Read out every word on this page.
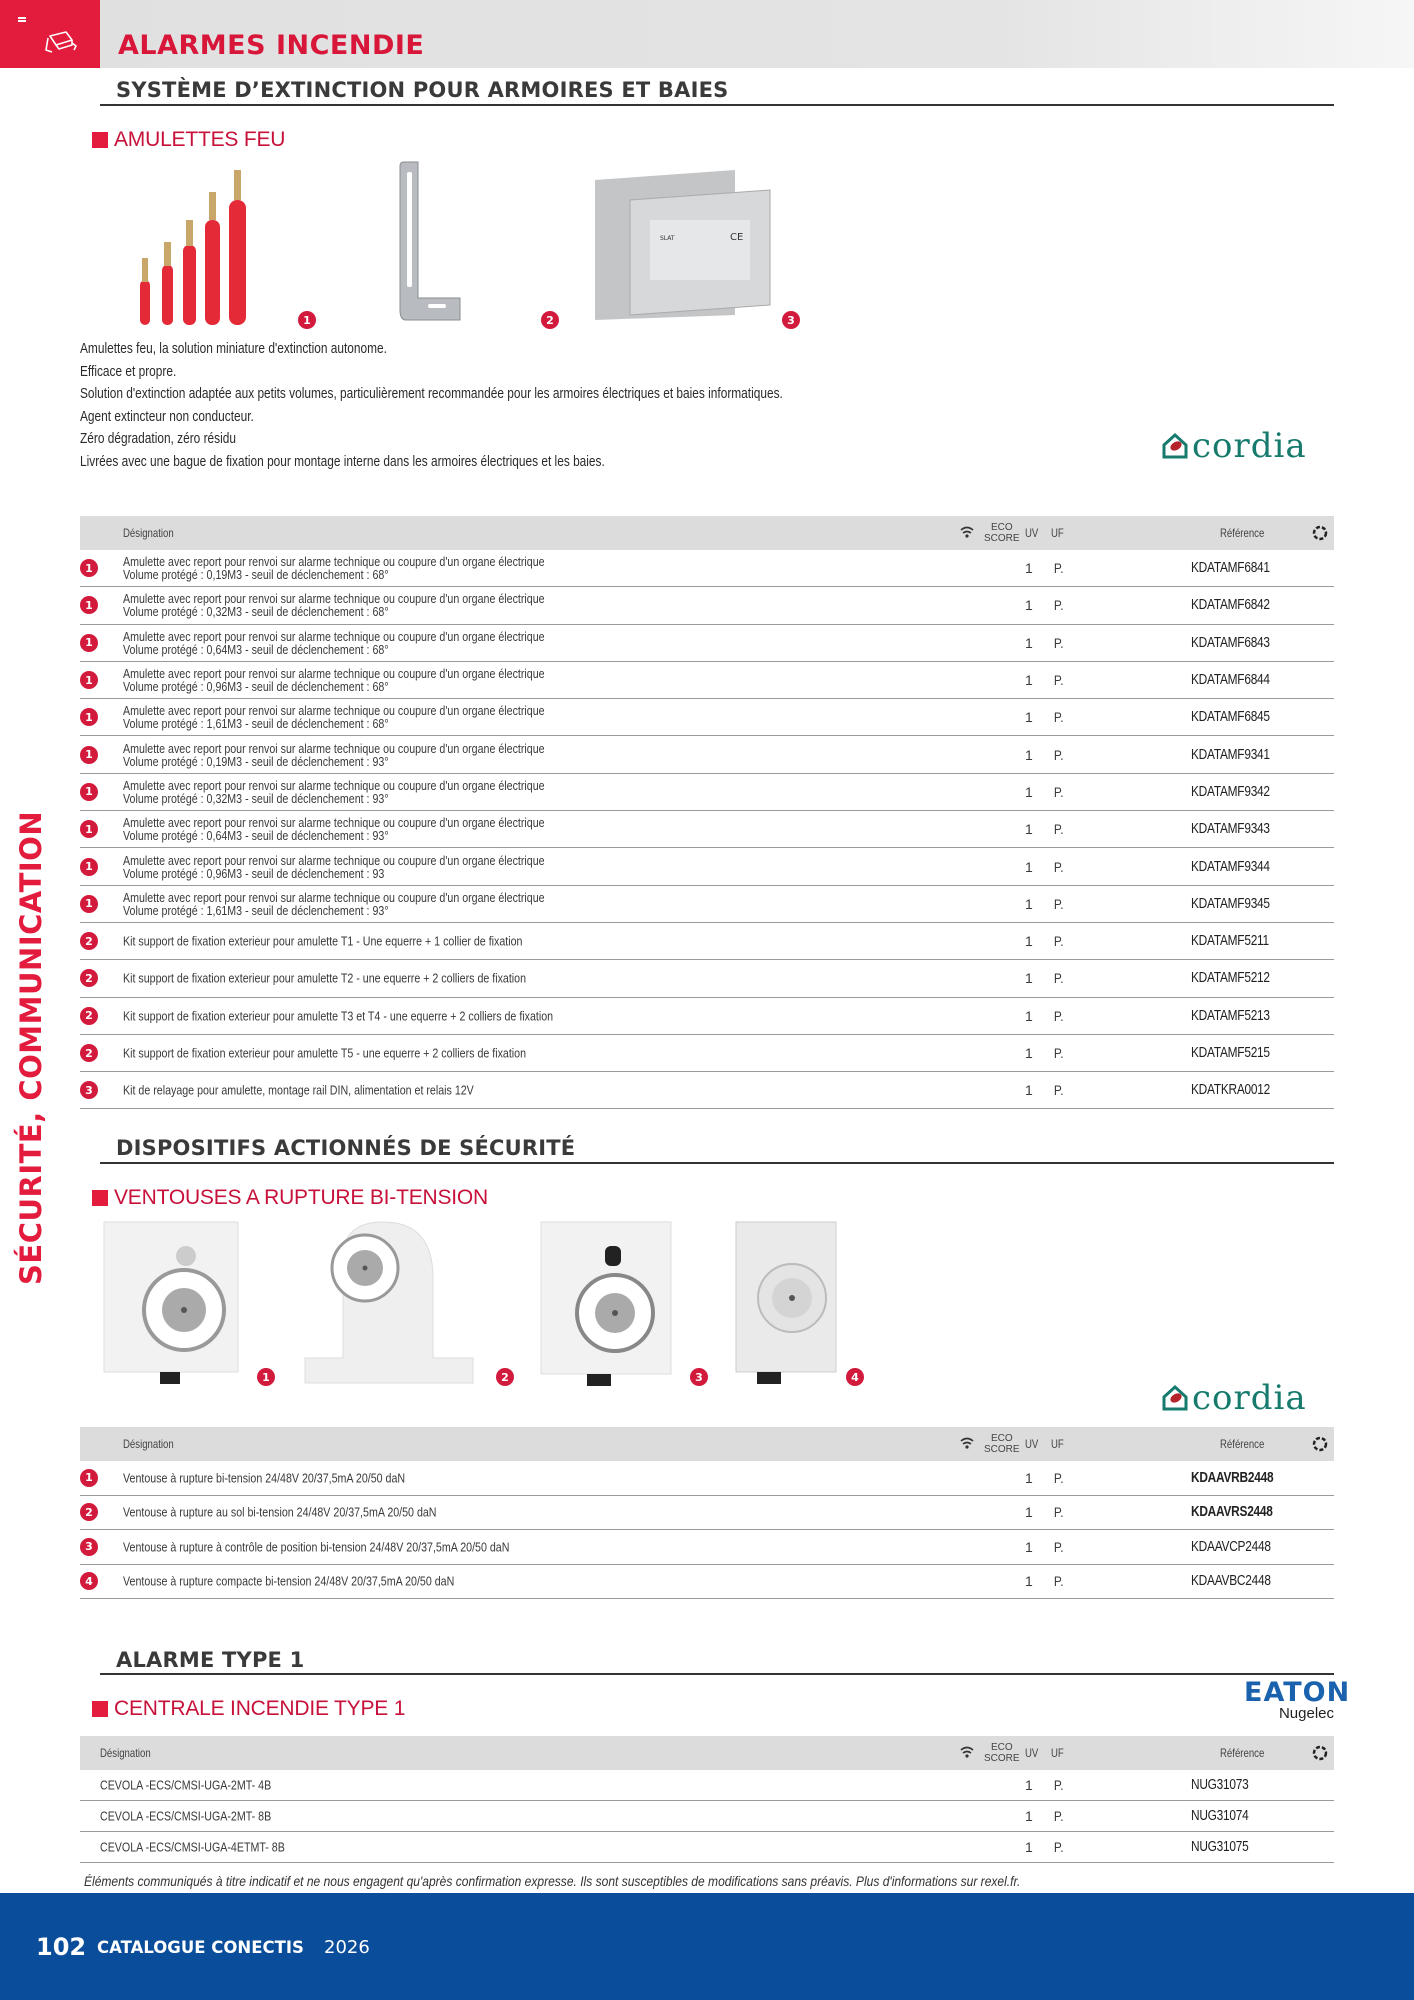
ALARMES INCENDIE
SÉCURITÉ, COMMUNICATION
SYSTÈME D’EXTINCTION POUR ARMOIRES ET BAIES
AMULETTES FEU
1	2
SLAT	CE
3
Amulettes feu, la solution miniature d'extinction autonome.
Efficace et propre.
Solution d'extinction adaptée aux petits volumes, particulièrement recommandée pour les armoires électriques et baies informatiques.
Agent extincteur non conducteur.
Zéro dégradation, zéro résidu
Livrées avec une bague de fixation pour montage interne dans les armoires électriques et les baies.	cordia
Désignation	ECO
SCORE UV UF	Référence
1	Amulette avec report pour renvoi sur alarme technique ou coupure d'un organe électrique
Volume protégé : 0,19M3 - seuil de déclenchement : 68°	1 P.	KDATAMF6841
1	Amulette avec report pour renvoi sur alarme technique ou coupure d'un organe électrique
Volume protégé : 0,32M3 - seuil de déclenchement : 68°	1 P.	KDATAMF6842
1	Amulette avec report pour renvoi sur alarme technique ou coupure d'un organe électrique
Volume protégé : 0,64M3 - seuil de déclenchement : 68°	1 P.	KDATAMF6843
1	Amulette avec report pour renvoi sur alarme technique ou coupure d'un organe électrique
Volume protégé : 0,96M3 - seuil de déclenchement : 68°	1 P.	KDATAMF6844
1	Amulette avec report pour renvoi sur alarme technique ou coupure d'un organe électrique
Volume protégé : 1,61M3 - seuil de déclenchement : 68°	1 P.	KDATAMF6845
1	Amulette avec report pour renvoi sur alarme technique ou coupure d'un organe électrique
Volume protégé : 0,19M3 - seuil de déclenchement : 93°	1 P.	KDATAMF9341
1	Amulette avec report pour renvoi sur alarme technique ou coupure d'un organe électrique
Volume protégé : 0,32M3 - seuil de déclenchement : 93°	1 P.	KDATAMF9342
1	Amulette avec report pour renvoi sur alarme technique ou coupure d'un organe électrique
Volume protégé : 0,64M3 - seuil de déclenchement : 93°	1 P.	KDATAMF9343
1	Amulette avec report pour renvoi sur alarme technique ou coupure d'un organe électrique
Volume protégé : 0,96M3 - seuil de déclenchement : 93	1 P.	KDATAMF9344
1	Amulette avec report pour renvoi sur alarme technique ou coupure d'un organe électrique
Volume protégé : 1,61M3 - seuil de déclenchement : 93°	1 P.	KDATAMF9345
2	Kit support de fixation exterieur pour amulette T1 - Une equerre + 1 collier de fixation	1 P.	KDATAMF5211
2	Kit support de fixation exterieur pour amulette T2 - une equerre + 2 colliers de fixation	1 P.	KDATAMF5212
2	Kit support de fixation exterieur pour amulette T3 et T4 - une equerre + 2 colliers de fixation	1 P.	KDATAMF5213
2	Kit support de fixation exterieur pour amulette T5 - une equerre + 2 colliers de fixation	1 P.	KDATAMF5215
3	Kit de relayage pour amulette, montage rail DIN, alimentation et relais 12V	1 P.	KDATKRA0012
DISPOSITIFS ACTIONNÉS DE SÉCURITÉ
VENTOUSES A RUPTURE BI-TENSION
1	2	3	4
cordia
Désignation	ECO
SCORE UV UF	Référence
1	Ventouse à rupture bi-tension 24/48V 20/37,5mA 20/50 daN	1 P.	KDAAVRB2448
2	Ventouse à rupture au sol bi-tension 24/48V 20/37,5mA 20/50 daN	1 P.	KDAAVRS2448
3	Ventouse à rupture à contrôle de position bi-tension 24/48V 20/37,5mA 20/50 daN	1 P.	KDAAVCP2448
4	Ventouse à rupture compacte bi-tension 24/48V 20/37,5mA 20/50 daN	1 P.	KDAAVBC2448
ALARME TYPE 1
CENTRALE INCENDIE TYPE 1
EATON
Nugelec
Désignation	ECO
SCORE UV UF	Référence
CEVOLA -ECS/CMSI-UGA-2MT- 4B	1 P.	NUG31073
CEVOLA -ECS/CMSI-UGA-2MT- 8B	1 P.	NUG31074
CEVOLA -ECS/CMSI-UGA-4ETMT- 8B	1 P.	NUG31075
Éléments communiqués à titre indicatif et ne nous engagent qu'après confirmation expresse. Ils sont susceptibles de modifications sans préavis. Plus d'informations sur rexel.fr.
102 CATALOGUE CONECTIS 2026
